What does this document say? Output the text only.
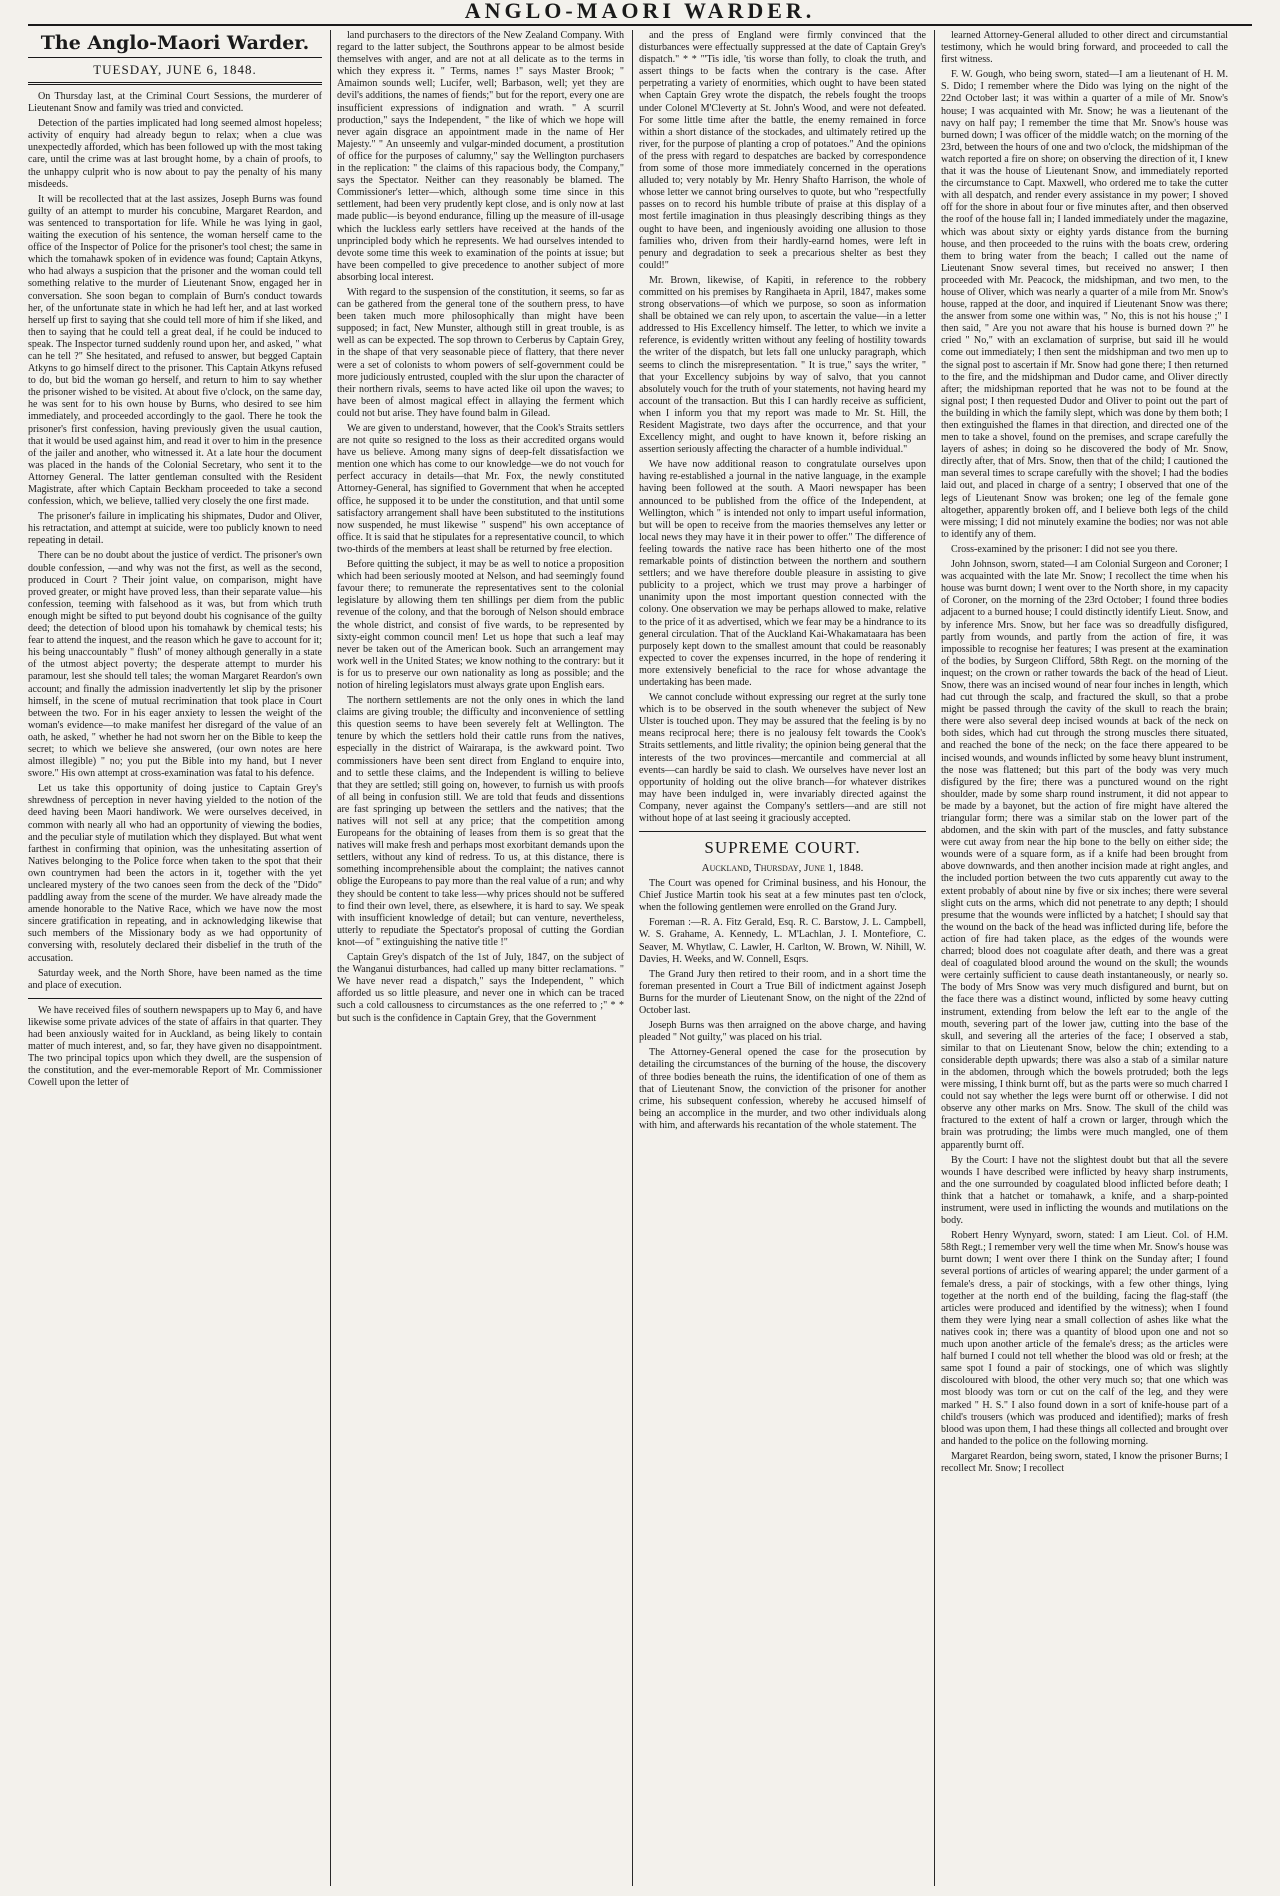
ANGLO-MAORI WARDER.
The Anglo-Maori Warder.
TUESDAY, JUNE 6, 1848.

On Thursday last, at the Criminal Court Sessions, the murderer of Lieutenant Snow and family was tried and convicted.

Detection of the parties implicated had long seemed almost hopeless; activity of enquiry had already begun to relax; when a clue was unexpectedly afforded, which has been followed up with the most taking care, until the crime was at last brought home, by a chain of proofs, to the unhappy culprit who is now about to pay the penalty of his many misdeeds.

It will be recollected that at the last assizes, Joseph Burns was found guilty of an attempt to murder his concubine, Margaret Reardon, and was sentenced to transportation for life. While he was lying in gaol, waiting the execution of his sentence, the woman herself came to the office of the Inspector of Police for the prisoner's tool chest; the same in which the tomahawk spoken of in evidence was found; Captain Atkyns, who had always a suspicion that the prisoner and the woman could tell something relative to the murder of Lieutenant Snow, engaged her in conversation. She soon began to complain of Burn's conduct towards her, of the unfortunate state in which he had left her, and at last worked herself up first to saying that she could tell more of him if she liked, and then to saying that he could tell a great deal, if he could be induced to speak. The Inspector turned suddenly round upon her, and asked, " what can he tell ?" She hesitated, and refused to answer, but begged Captain Atkyns to go himself direct to the prisoner. This Captain Atkyns refused to do, but bid the woman go herself, and return to him to say whether the prisoner wished to be visited. At about five o'clock, on the same day, he was sent for to his own house by Burns, who desired to see him immediately, and proceeded accordingly to the gaol. There he took the prisoner's first confession, having previously given the usual caution, that it would be used against him, and read it over to him in the presence of the jailer and another, who witnessed it. At a late hour the document was placed in the hands of the Colonial Secretary, who sent it to the Attorney General. The latter gentleman consulted with the Resident Magistrate, after which Captain Beckham proceeded to take a second confession, which, we believe, tallied very closely the one first made.

The prisoner's failure in implicating his shipmates, Dudor and Oliver, his retractation, and attempt at suicide, were too publicly known to need repeating in detail.

There can be no doubt about the justice of verdict. The prisoner's own double confession, —and why was not the first, as well as the second, produced in Court ? Their joint value, on comparison, might have proved greater, or might have proved less, than their separate value—his confession, teeming with falsehood as it was, but from which truth enough might be sifted to put beyond doubt his cognisance of the guilty deed; the detection of blood upon his tomahawk by chemical tests; his fear to attend the inquest, and the reason which he gave to account for it; his being unaccountably " flush" of money although generally in a state of the utmost abject poverty; the desperate attempt to murder his paramour, lest she should tell tales; the woman Margaret Reardon's own account; and finally the admission inadvertently let slip by the prisoner himself, in the scene of mutual recrimination that took place in Court between the two. For in his eager anxiety to lessen the weight of the woman's evidence—to make manifest her disregard of the value of an oath, he asked, " whether he had not sworn her on the Bible to keep the secret; to which we believe she answered, (our own notes are here almost illegible) " no; you put the Bible into my hand, but I never swore." His own attempt at cross-examination was fatal to his defence.

Let us take this opportunity of doing justice to Captain Grey's shrewdness of perception in never having yielded to the notion of the deed having been Maori handiwork. We were ourselves deceived, in common with nearly all who had an opportunity of viewing the bodies, and the peculiar style of mutilation which they displayed. But what went farthest in confirming that opinion, was the unhesitating assertion of Natives belonging to the Police force when taken to the spot that their own countrymen had been the actors in it, together with the yet uncleared mystery of the two canoes seen from the deck of the "Dido" paddling away from the scene of the murder. We have already made the amende honorable to the Native Race, which we have now the most sincere gratification in repeating, and in acknowledging likewise that such members of the Missionary body as we had opportunity of conversing with, resolutely declared their disbelief in the truth of the accusation.

Saturday week, and the North Shore, have been named as the time and place of execution.

We have received files of southern newspapers up to May 6, and have likewise some private advices of the state of affairs in that quarter. They had been anxiously waited for in Auckland, as being likely to contain matter of much interest, and, so far, they have given no disappointment. The two principal topics upon which they dwell, are the suspension of the constitution, and the ever-memorable Report of Mr. Commissioner Cowell upon the letter of

land purchasers to the directors of the New Zealand Company. With regard to the latter subject, the Southrons appear to be almost beside themselves with anger, and are not at all delicate as to the terms in which they express it. " Terms, names !" says Master Brook; " Amaimon sounds well; Lucifer, well; Barbason, well; yet they are devil's additions, the names of fiends;" but for the report, every one are insufficient expressions of indignation and wrath. " A scurril production," says the Independent, " the like of which we hope will never again disgrace an appointment made in the name of Her Majesty." " An unseemly and vulgar-minded document, a prostitution of office for the purposes of calumny," say the Wellington purchasers in the replication: " the claims of this rapacious body, the Company," says the Spectator. Neither can they reasonably be blamed. The Commissioner's letter—which, although some time since in this settlement, had been very prudently kept close, and is only now at last made public—is beyond endurance, filling up the measure of ill-usage which the luckless early settlers have received at the hands of the unprincipled body which he represents. We had ourselves intended to devote some time this week to examination of the points at issue; but have been compelled to give precedence to another subject of more absorbing local interest.

With regard to the suspension of the constitution, it seems, so far as can be gathered from the general tone of the southern press, to have been taken much more philosophically than might have been supposed; in fact, New Munster, although still in great trouble, is as well as can be expected. The sop thrown to Cerberus by Captain Grey, in the shape of that very seasonable piece of flattery, that there never were a set of colonists to whom powers of self-government could be more judiciously entrusted, coupled with the slur upon the character of their northern rivals, seems to have acted like oil upon the waves; to have been of almost magical effect in allaying the ferment which could not but arise. They have found balm in Gilead.

We are given to understand, however, that the Cook's Straits settlers are not quite so resigned to the loss as their accredited organs would have us believe. Among many signs of deep-felt dissatisfaction we mention one which has come to our knowledge—we do not vouch for perfect accuracy in details—that Mr. Fox, the newly constituted Attorney-General, has signified to Government that when he accepted office, he supposed it to be under the constitution, and that until some satisfactory arrangement shall have been substituted to the institutions now suspended, he must likewise " suspend" his own acceptance of office. It is said that he stipulates for a representative council, to which two-thirds of the members at least shall be returned by free election.

Before quitting the subject, it may be as well to notice a proposition which had been seriously mooted at Nelson, and had seemingly found favour there; to remunerate the representatives sent to the colonial legislature by allowing them ten shillings per diem from the public revenue of the colony, and that the borough of Nelson should embrace the whole district, and consist of five wards, to be represented by sixty-eight common council men! Let us hope that such a leaf may never be taken out of the American book. Such an arrangement may work well in the United States; we know nothing to the contrary: but it is for us to preserve our own nationality as long as possible; and the notion of hireling legislators must always grate upon English ears.

The northern settlements are not the only ones in which the land claims are giving trouble; the difficulty and inconvenience of settling this question seems to have been severely felt at Wellington. The tenure by which the settlers hold their cattle runs from the natives, especially in the district of Wairarapa, is the awkward point. Two commissioners have been sent direct from England to enquire into, and to settle these claims, and the Independent is willing to believe that they are settled; still going on, however, to furnish us with proofs of all being in confusion still. We are told that feuds and dissentions are fast springing up between the settlers and the natives; that the natives will not sell at any price; that the competition among Europeans for the obtaining of leases from them is so great that the natives will make fresh and perhaps most exorbitant demands upon the settlers, without any kind of redress. To us, at this distance, there is something incomprehensible about the complaint; the natives cannot oblige the Europeans to pay more than the real value of a run; and why they should be content to take less—why prices should not be suffered to find their own level, there, as elsewhere, it is hard to say. We speak with insufficient knowledge of detail; but can venture, nevertheless, utterly to repudiate the Spectator's proposal of cutting the Gordian knot—of " extinguishing the native title !"

Captain Grey's dispatch of the 1st of July, 1847, on the subject of the Wanganui disturbances, had called up many bitter reclamations. " We have never read a dispatch," says the Independent, " which afforded us so little pleasure, and never one in which can be traced such a cold callousness to circumstances as the one referred to ;" * * but such is the confidence in Captain Grey, that the Government

and the press of England were firmly convinced that the disturbances were effectually suppressed at the date of Captain Grey's dispatch." * * "'Tis idle, 'tis worse than folly, to cloak the truth, and assert things to be facts when the contrary is the case. After perpetrating a variety of enormities, which ought to have been stated when Captain Grey wrote the dispatch, the rebels fought the troops under Colonel M'Cleverty at St. John's Wood, and were not defeated. For some little time after the battle, the enemy remained in force within a short distance of the stockades, and ultimately retired up the river, for the purpose of planting a crop of potatoes." And the opinions of the press with regard to despatches are backed by correspondence from some of those more immediately concerned in the operations alluded to; very notably by Mr. Henry Shafto Harrison, the whole of whose letter we cannot bring ourselves to quote, but who "respectfully passes on to record his humble tribute of praise at this display of a most fertile imagination in thus pleasingly describing things as they ought to have been, and ingeniously avoiding one allusion to those families who, driven from their hardly-earnd homes, were left in penury and degradation to seek a precarious shelter as best they could!"

Mr. Brown, likewise, of Kapiti, in reference to the robbery committed on his premises by Rangihaeta in April, 1847, makes some strong observations—of which we purpose, so soon as information shall be obtained we can rely upon, to ascertain the value—in a letter addressed to His Excellency himself. The letter, to which we invite a reference, is evidently written without any feeling of hostility towards the writer of the dispatch, but lets fall one unlucky paragraph, which seems to clinch the misrepresentation. " It is true," says the writer, " that your Excellency subjoins by way of salvo, that you cannot absolutely vouch for the truth of your statements, not having heard my account of the transaction. But this I can hardly receive as sufficient, when I inform you that my report was made to Mr. St. Hill, the Resident Magistrate, two days after the occurrence, and that your Excellency might, and ought to have known it, before risking an assertion seriously affecting the character of a humble individual."

We have now additional reason to congratulate ourselves upon having re-established a journal in the native language, in the example having been followed at the south. A Maori newspaper has been announced to be published from the office of the Independent, at Wellington, which " is intended not only to impart useful information, but will be open to receive from the maories themselves any letter or local news they may have it in their power to offer." The difference of feeling towards the native race has been hitherto one of the most remarkable points of distinction between the northern and southern settlers; and we have therefore double pleasure in assisting to give publicity to a project, which we trust may prove a harbinger of unanimity upon the most important question connected with the colony. One observation we may be perhaps allowed to make, relative to the price of it as advertised, which we fear may be a hindrance to its general circulation. That of the Auckland Kai-Whakamataara has been purposely kept down to the smallest amount that could be reasonably expected to cover the expenses incurred, in the hope of rendering it more extensively beneficial to the race for whose advantage the undertaking has been made.

We cannot conclude without expressing our regret at the surly tone which is to be observed in the south whenever the subject of New Ulster is touched upon. They may be assured that the feeling is by no means reciprocal here; there is no jealousy felt towards the Cook's Straits settlements, and little rivality; the opinion being general that the interests of the two provinces—mercantile and commercial at all events—can hardly be said to clash. We ourselves have never lost an opportunity of holding out the olive branch—for whatever distrikes may have been indulged in, were invariably directed against the Company, never against the Company's settlers—and are still not without hope of at last seeing it graciously accepted.

SUPREME COURT.
Auckland, Thursday, June 1, 1848.

The Court was opened for Criminal business, and his Honour, the Chief Justice Martin took his seat at a few minutes past ten o'clock, when the following gentlemen were enrolled on the Grand Jury.

Foreman :—R. A. Fitz Gerald, Esq. R. C. Barstow, J. L. Campbell, W. S. Grahame, A. Kennedy, L. M'Lachlan, J. I. Montefiore, C. Seaver, M. Whytlaw, C. Lawler, H. Carlton, W. Brown, W. Nihill, W. Davies, H. Weeks, and W. Connell, Esqrs.

The Grand Jury then retired to their room, and in a short time the foreman presented in Court a True Bill of indictment against Joseph Burns for the murder of Lieutenant Snow, on the night of the 22nd of October last.

Joseph Burns was then arraigned on the above charge, and having pleaded " Not guilty," was placed on his trial.

The Attorney-General opened the case for the prosecution by detailing the circumstances of the burning of the house, the discovery of three bodies beneath the ruins, the identification of one of them as that of Lieutenant Snow, the conviction of the prisoner for another crime, his subsequent confession, whereby he accused himself of being an accomplice in the murder, and two other individuals along with him, and afterwards his recantation of the whole statement. The

learned Attorney-General alluded to other direct and circumstantial testimony, which he would bring forward, and proceeded to call the first witness.

F. W. Gough, who being sworn, stated—I am a lieutenant of H. M. S. Dido; I remember where the Dido was lying on the night of the 22nd October last; it was within a quarter of a mile of Mr. Snow's house; I was acquainted with Mr. Snow; he was a lieutenant of the navy on half pay; I remember the time that Mr. Snow's house was burned down; I was officer of the middle watch; on the morning of the 23rd, between the hours of one and two o'clock, the midshipman of the watch reported a fire on shore; on observing the direction of it, I knew that it was the house of Lieutenant Snow, and immediately reported the circumstance to Capt. Maxwell, who ordered me to take the cutter with all despatch, and render every assistance in my power; I shoved off for the shore in about four or five minutes after, and then observed the roof of the house fall in; I landed immediately under the magazine, which was about sixty or eighty yards distance from the burning house, and then proceeded to the ruins with the boats crew, ordering them to bring water from the beach; I called out the name of Lieutenant Snow several times, but received no answer; I then proceeded with Mr. Peacock, the midshipman, and two men, to the house of Oliver, which was nearly a quarter of a mile from Mr. Snow's house, rapped at the door, and inquired if Lieutenant Snow was there; the answer from some one within was, " No, this is not his house ;" I then said, " Are you not aware that his house is burned down ?" he cried " No," with an exclamation of surprise, but said ill he would come out immediately; I then sent the midshipman and two men up to the signal post to ascertain if Mr. Snow had gone there; I then returned to the fire, and the midshipman and Dudor came, and Oliver directly after; the midshipman reported that he was not to be found at the signal post; I then requested Dudor and Oliver to point out the part of the building in which the family slept, which was done by them both; I then extinguished the flames in that direction, and directed one of the men to take a shovel, found on the premises, and scrape carefully the layers of ashes; in doing so he discovered the body of Mr. Snow, directly after, that of Mrs. Snow, then that of the child; I cautioned the man several times to scrape carefully with the shovel; I had the bodies laid out, and placed in charge of a sentry; I observed that one of the legs of Lieutenant Snow was broken; one leg of the female gone altogether, apparently broken off, and I believe both legs of the child were missing; I did not minutely examine the bodies; nor was not able to identify any of them.

Cross-examined by the prisoner: I did not see you there.

John Johnson, sworn, stated—I am Colonial Surgeon and Coroner; I was acquainted with the late Mr. Snow; I recollect the time when his house was burnt down; I went over to the North shore, in my capacity of Coroner, on the morning of the 23rd October; I found three bodies adjacent to a burned house; I could distinctly identify Lieut. Snow, and by inference Mrs. Snow, but her face was so dreadfully disfigured, partly from wounds, and partly from the action of fire, it was impossible to recognise her features; I was present at the examination of the bodies, by Surgeon Clifford, 58th Regt. on the morning of the inquest; on the crown or rather towards the back of the head of Lieut. Snow, there was an incised wound of near four inches in length, which had cut through the scalp, and fractured the skull, so that a probe might be passed through the cavity of the skull to reach the brain; there were also several deep incised wounds at back of the neck on both sides, which had cut through the strong muscles there situated, and reached the bone of the neck; on the face there appeared to be incised wounds, and wounds inflicted by some heavy blunt instrument, the nose was flattened; but this part of the body was very much disfigured by the fire; there was a punctured wound on the right shoulder, made by some sharp round instrument, it did not appear to be made by a bayonet, but the action of fire might have altered the triangular form; there was a similar stab on the lower part of the abdomen, and the skin with part of the muscles, and fatty substance were cut away from near the hip bone to the belly on either side; the wounds were of a square form, as if a knife had been brought from above downwards, and then another incision made at right angles, and the included portion between the two cuts apparently cut away to the extent probably of about nine by five or six inches; there were several slight cuts on the arms, which did not penetrate to any depth; I should presume that the wounds were inflicted by a hatchet; I should say that the wound on the back of the head was inflicted during life, before the action of fire had taken place, as the edges of the wounds were charred; blood does not coagulate after death, and there was a great deal of coagulated blood around the wound on the skull; the wounds were certainly sufficient to cause death instantaneously, or nearly so. The body of Mrs Snow was very much disfigured and burnt, but on the face there was a distinct wound, inflicted by some heavy cutting instrument, extending from below the left ear to the angle of the mouth, severing part of the lower jaw, cutting into the base of the skull, and severing all the arteries of the face; I observed a stab, similar to that on Lieutenant Snow, below the chin; extending to a considerable depth upwards; there was also a stab of a similar nature in the abdomen, through which the bowels protruded; both the legs were missing, I think burnt off, but as the parts were so much charred I could not say whether the legs were burnt off or otherwise. I did not observe any other marks on Mrs. Snow. The skull of the child was fractured to the extent of half a crown or larger, through which the brain was protruding; the limbs were much mangled, one of them apparently burnt off.

By the Court: I have not the slightest doubt but that all the severe wounds I have described were inflicted by heavy sharp instruments, and the one surrounded by coagulated blood inflicted before death; I think that a hatchet or tomahawk, a knife, and a sharp-pointed instrument, were used in inflicting the wounds and mutilations on the body.

Robert Henry Wynyard, sworn, stated: I am Lieut. Col. of H.M. 58th Regt.; I remember very well the time when Mr. Snow's house was burnt down; I went over there I think on the Sunday after; I found several portions of articles of wearing apparel; the under garment of a female's dress, a pair of stockings, with a few other things, lying together at the north end of the building, facing the flag-staff (the articles were produced and identified by the witness); when I found them they were lying near a small collection of ashes like what the natives cook in; there was a quantity of blood upon one and not so much upon another article of the female's dress; as the articles were half burned I could not tell whether the blood was old or fresh; at the same spot I found a pair of stockings, one of which was slightly discoloured with blood, the other very much so; that one which was most bloody was torn or cut on the calf of the leg, and they were marked " H. S." I also found down in a sort of knife-house part of a child's trousers (which was produced and identified); marks of fresh blood was upon them, I had these things all collected and brought over and handed to the police on the following morning.

Margaret Reardon, being sworn, stated, I know the prisoner Burns; I recollect Mr. Snow; I recollect
